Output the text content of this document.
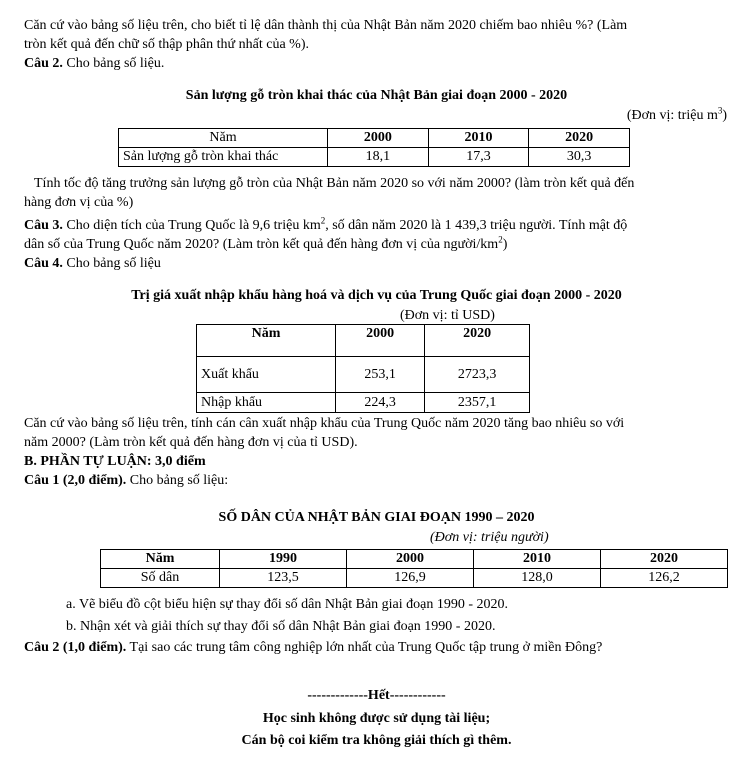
Căn cứ vào bảng số liệu trên, cho biết tỉ lệ dân thành thị của Nhật Bản năm 2020 chiếm bao nhiêu %? (Làm

tròn kết quả đến chữ số thập phân thứ nhất của %).

Câu 2. Cho bảng số liệu.

Sản lượng gỗ tròn khai thác của Nhật Bản giai đoạn 2000 - 2020

(Đơn vị: triệu $m^3$)

Năm	2000	2010	2020
Sản lượng gỗ tròn khai thác	18,1	17,3	30,3

Tính tốc độ tăng trưởng sản lượng gỗ tròn của Nhật Bản năm 2020 so với năm 2000? (làm tròn kết quả đến

hàng đơn vị của %)

Câu 3. Cho diện tích của Trung Quốc là 9,6 triệu $km^2$, số dân năm 2020 là 1 439,3 triệu người. Tính mật độ

dân số của Trung Quốc năm 2020? (Làm tròn kết quả đến hàng đơn vị của người/$km^2$)

Câu 4. Cho bảng số liệu

Trị giá xuất nhập khẩu hàng hoá và dịch vụ của Trung Quốc giai đoạn 2000 - 2020

(Đơn vị: tỉ USD)

Năm	2000	2020
Xuất khẩu	253,1	2723,3
Nhập khẩu	224,3	2357,1

Căn cứ vào bảng số liệu trên, tính cán cân xuất nhập khẩu của Trung Quốc năm 2020 tăng bao nhiêu so với

năm 2000? (Làm tròn kết quả đến hàng đơn vị của tỉ USD).

B. PHẦN TỰ LUẬN: 3,0 điểm

Câu 1 (2,0 điểm). Cho bảng số liệu:

SỐ DÂN CỦA NHẬT BẢN GIAI ĐOẠN 1990 – 2020

(Đơn vị: triệu người)

Năm	1990	2000	2010	2020
Số dân	123,5	126,9	128,0	126,2

a. Vẽ biểu đồ cột biểu hiện sự thay đổi số dân Nhật Bản giai đoạn 1990 - 2020.

b. Nhận xét và giải thích sự thay đổi số dân Nhật Bản giai đoạn 1990 - 2020.

Câu 2 (1,0 điểm). Tại sao các trung tâm công nghiệp lớn nhất của Trung Quốc tập trung ở miền Đông?

-------------Hết------------

Học sinh không được sử dụng tài liệu;

Cán bộ coi kiểm tra không giải thích gì thêm.
